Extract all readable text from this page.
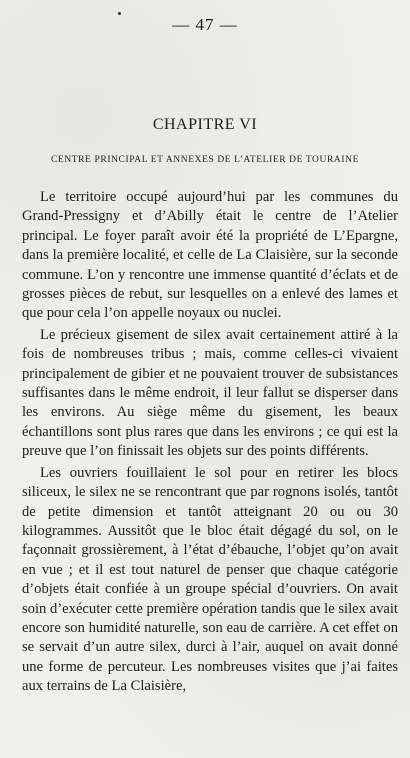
— 47 —
CHAPITRE VI
CENTRE PRINCIPAL ET ANNEXES DE L’ATELIER DE TOURAINE

Le territoire occupé aujourd’hui par les communes du Grand-Pressigny et d’Abilly était le centre de l’Atelier principal. Le foyer paraît avoir été la propriété de L’Epargne, dans la première localité, et celle de La Claisière, sur la seconde commune. L’on y rencontre une immense quantité d’éclats et de grosses pièces de rebut, sur lesquelles on a enlevé des lames et que pour cela l’on appelle noyaux ou nuclei.

Le précieux gisement de silex avait certainement attiré à la fois de nombreuses tribus ; mais, comme celles-ci vivaient principalement de gibier et ne pouvaient trouver de subsistances suffisantes dans le même endroit, il leur fallut se disperser dans les environs. Au siège même du gisement, les beaux échantillons sont plus rares que dans les environs ; ce qui est la preuve que l’on finissait les objets sur des points différents.

Les ouvriers fouillaient le sol pour en retirer les blocs siliceux, le silex ne se rencontrant que par rognons isolés, tantôt de petite dimension et tantôt atteignant 20 ou ou 30 kilogrammes. Aussitôt que le bloc était dégagé du sol, on le façonnait grossièrement, à l’état d’ébauche, l’objet qu’on avait en vue ; et il est tout naturel de penser que chaque catégorie d’objets était confiée à un groupe spécial d’ouvriers. On avait soin d’exécuter cette première opération tandis que le silex avait encore son humidité naturelle, son eau de carrière. A cet effet on se servait d’un autre silex, durci à l’air, auquel on avait donné une forme de percuteur. Les nombreuses visites que j’ai faites aux terrains de La Claisière,
